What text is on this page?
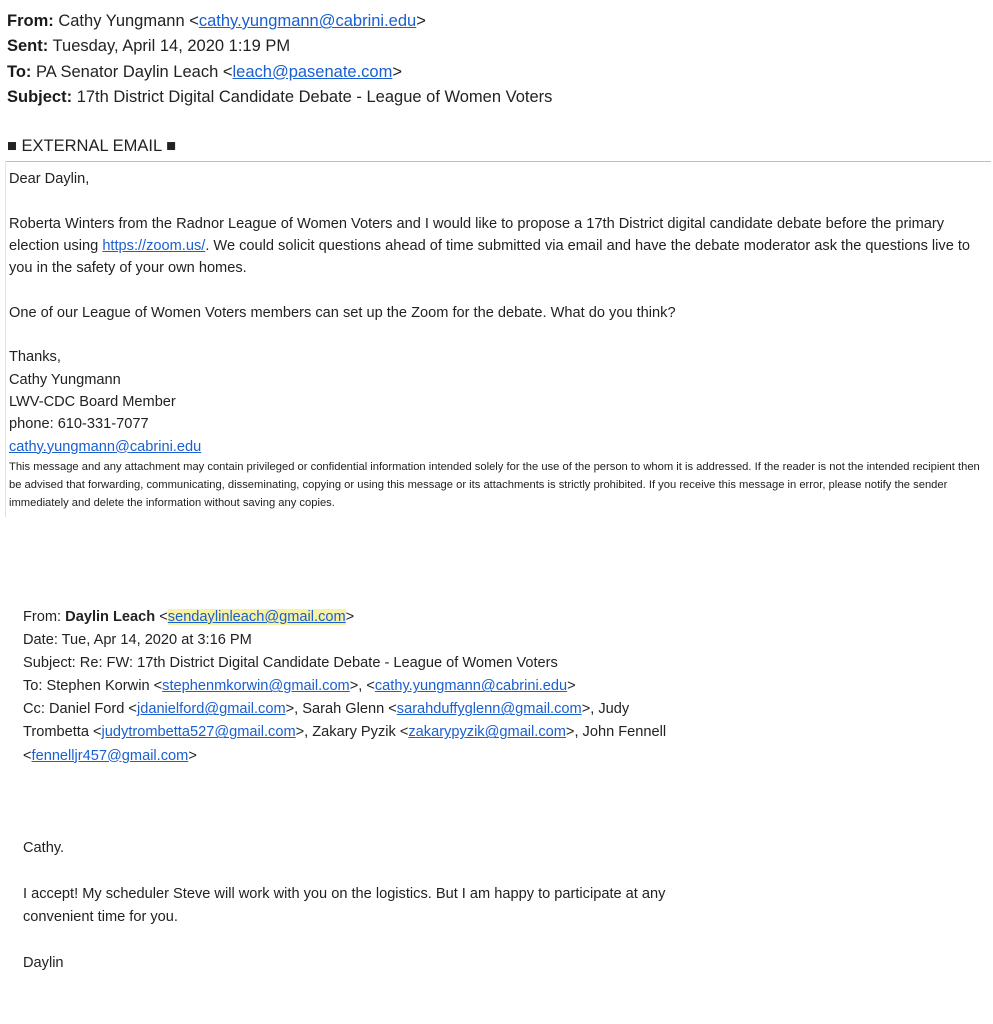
From: Cathy Yungmann <cathy.yungmann@cabrini.edu>
Sent: Tuesday, April 14, 2020 1:19 PM
To: PA Senator Daylin Leach <leach@pasenate.com>
Subject: 17th District Digital Candidate Debate - League of Women Voters
■ EXTERNAL EMAIL ■

Dear Daylin,

Roberta Winters from the Radnor League of Women Voters and I would like to propose a 17th District digital candidate debate before the primary election using https://zoom.us/. We could solicit questions ahead of time submitted via email and have the debate moderator ask the questions live to you in the safety of your own homes.

One of our League of Women Voters members can set up the Zoom for the debate. What do you think?

Thanks,

Cathy Yungmann

LWV-CDC Board Member

phone: 610-331-7077

cathy.yungmann@cabrini.edu

This message and any attachment may contain privileged or confidential information intended solely for the use of the person to whom it is addressed. If the reader is not the intended recipient then be advised that forwarding, communicating, disseminating, copying or using this message or its attachments is strictly prohibited. If you receive this message in error, please notify the sender immediately and delete the information without saving any copies.

From: Daylin Leach <sendaylinleach@gmail.com>

Date: Tue, Apr 14, 2020 at 3:16 PM

Subject: Re: FW: 17th District Digital Candidate Debate - League of Women Voters

To: Stephen Korwin <stephenmkorwin@gmail.com>, <cathy.yungmann@cabrini.edu>

Cc: Daniel Ford <jdanielford@gmail.com>, Sarah Glenn <sarahduffyglenn@gmail.com>, Judy Trombetta <judytrombetta527@gmail.com>, Zakary Pyzik <zakarypyzik@gmail.com>, John Fennell <fennelljr457@gmail.com>

Cathy.

I accept! My scheduler Steve will work with you on the logistics. But I am happy to participate at any convenient time for you.

Daylin
